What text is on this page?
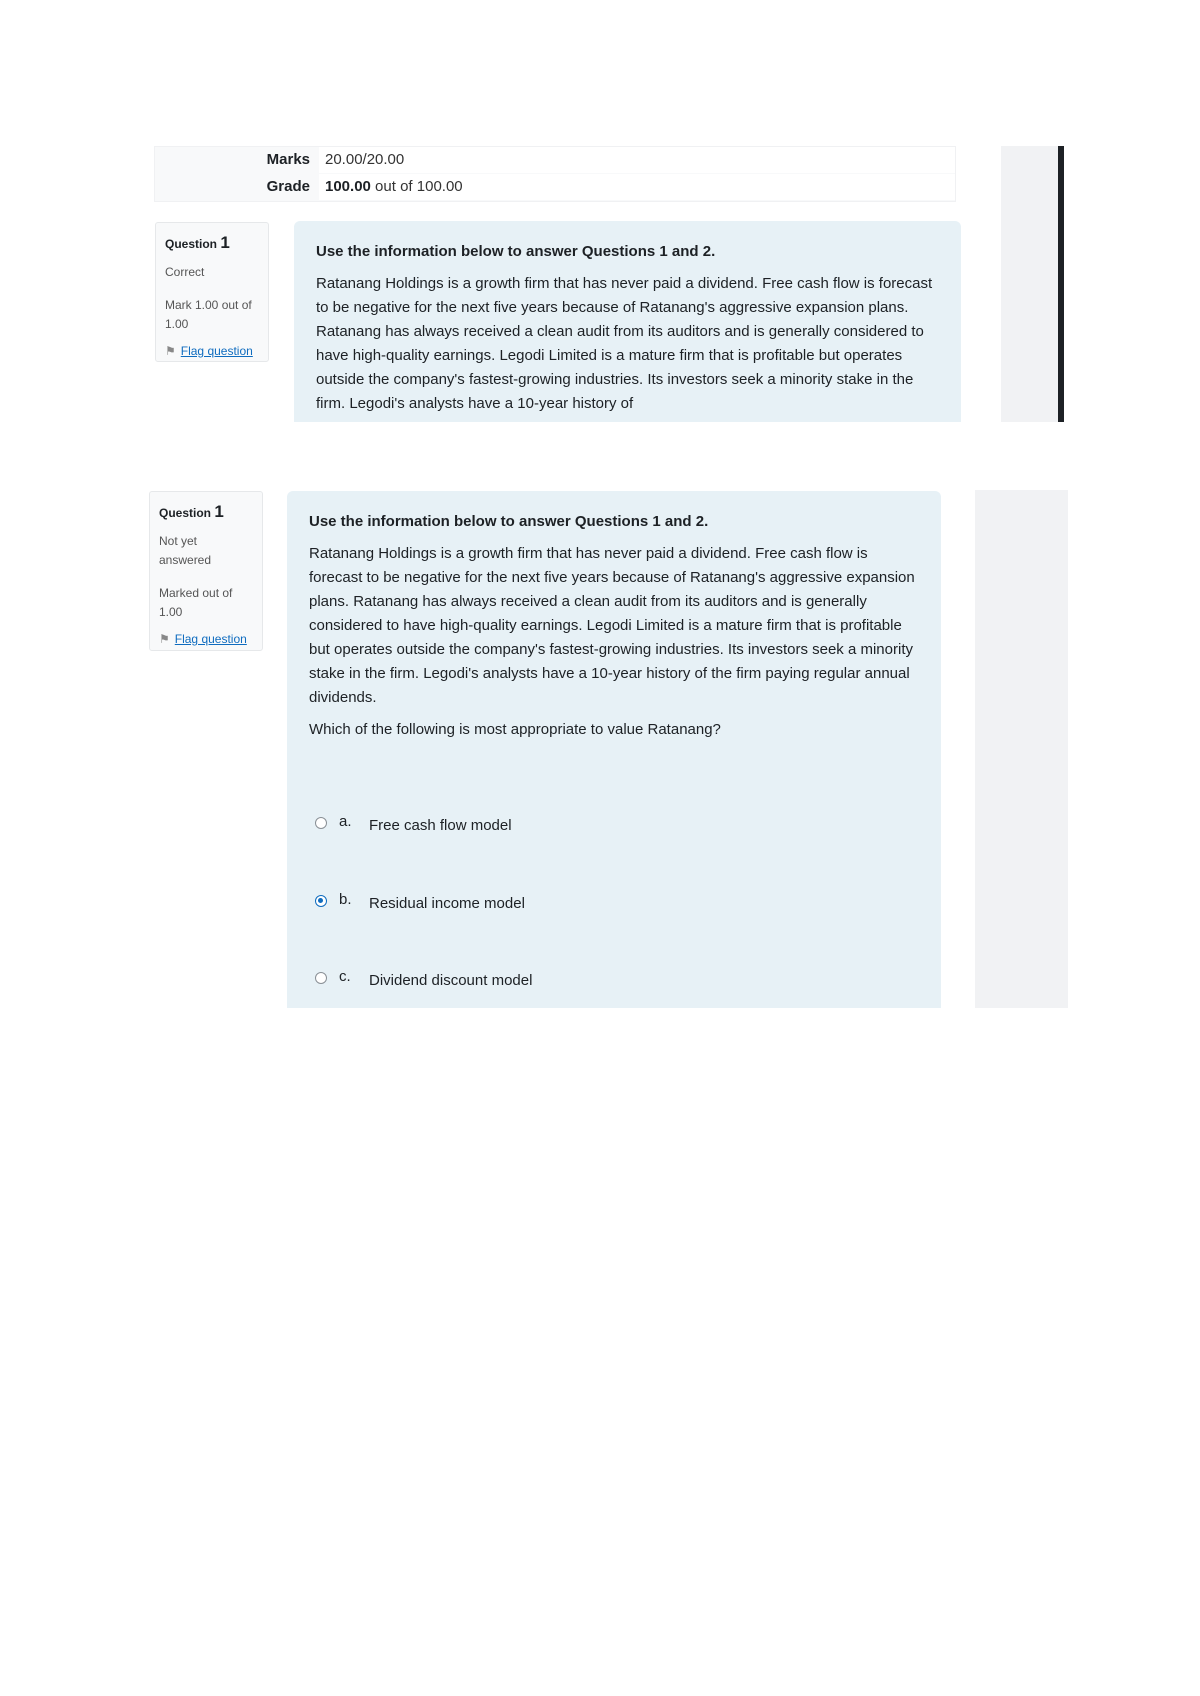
Marks	20.00/20.00
Grade	100.00 out of 100.00
Question 1
Correct
Mark 1.00 out of 1.00
⚑ Flag question
Use the information below to answer Questions 1 and 2.
Ratanang Holdings is a growth firm that has never paid a dividend. Free cash flow is forecast to be negative for the next five years because of Ratanang's aggressive expansion plans. Ratanang has always received a clean audit from its auditors and is generally considered to have high-quality earnings. Legodi Limited is a mature firm that is profitable but operates outside the company's fastest-growing industries. Its investors seek a minority stake in the firm. Legodi's analysts have a 10-year history of
Question 1
Not yet answered
Marked out of 1.00
⚑ Flag question
Use the information below to answer Questions 1 and 2.
Ratanang Holdings is a growth firm that has never paid a dividend. Free cash flow is forecast to be negative for the next five years because of Ratanang's aggressive expansion plans. Ratanang has always received a clean audit from its auditors and is generally considered to have high-quality earnings. Legodi Limited is a mature firm that is profitable but operates outside the company's fastest-growing industries. Its investors seek a minority stake in the firm. Legodi's analysts have a 10-year history of the firm paying regular annual dividends.
Which of the following is most appropriate to value Ratanang?
a. Free cash flow model
b. Residual income model
c. Dividend discount model
